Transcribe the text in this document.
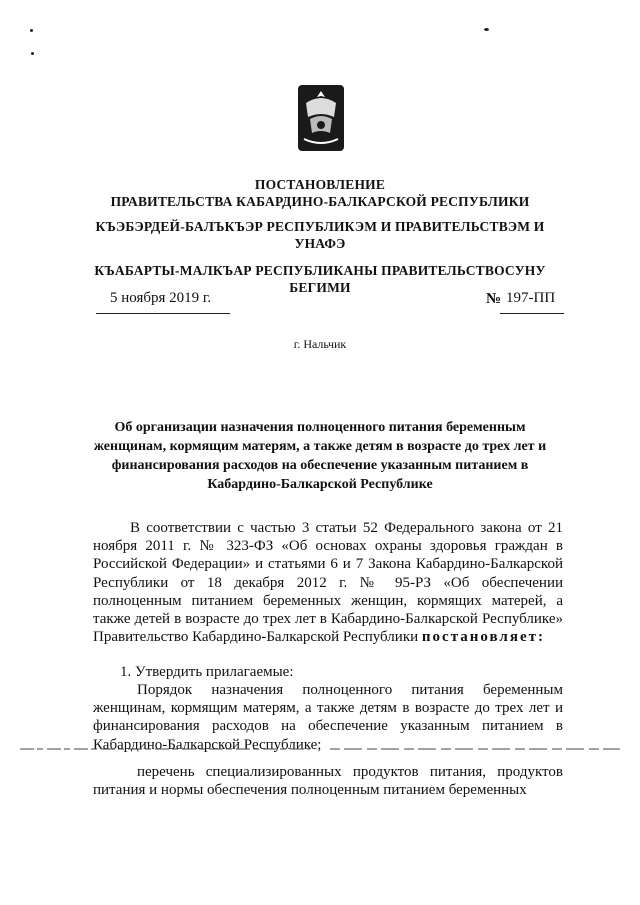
ПОСТАНОВЛЕНИЕ
ПРАВИТЕЛЬСТВА КАБАРДИНО-БАЛКАРСКОЙ РЕСПУБЛИКИ
КЪЭБЭРДЕЙ-БАЛЪКЪЭР РЕСПУБЛИКЭМ И ПРАВИТЕЛЬСТВЭМ И УНАФЭ
КЪАБАРТЫ-МАЛКЪАР РЕСПУБЛИКАНЫ ПРАВИТЕЛЬСТВОСУНУ БЕГИМИ
5 ноября 2019 г.	№ 197-ПП
г. Нальчик
Об организации назначения полноценного питания беременным женщинам, кормящим матерям, а также детям в возрасте до трех лет и финансирования расходов на обеспечение указанным питанием в Кабардино-Балкарской Республике
В соответствии с частью 3 статьи 52 Федерального закона от 21 ноября 2011 г. № 323-ФЗ «Об основах охраны здоровья граждан в Российской Федерации» и статьями 6 и 7 Закона Кабардино-Балкарской Республики от 18 декабря 2012 г. № 95-РЗ «Об обеспечении полноценным питанием беременных женщин, кормящих матерей, а также детей в возрасте до трех лет в Кабардино-Балкарской Республике» Правительство Кабардино-Балкарской Республики постановляет:
1. Утвердить прилагаемые:
Порядок назначения полноценного питания беременным женщинам, кормящим матерям, а также детям в возрасте до трех лет и финансирования расходов на обеспечение указанным питанием в Кабардино-Балкарской Республике;
перечень специализированных продуктов питания, продуктов питания и нормы обеспечения полноценным питанием беременных
